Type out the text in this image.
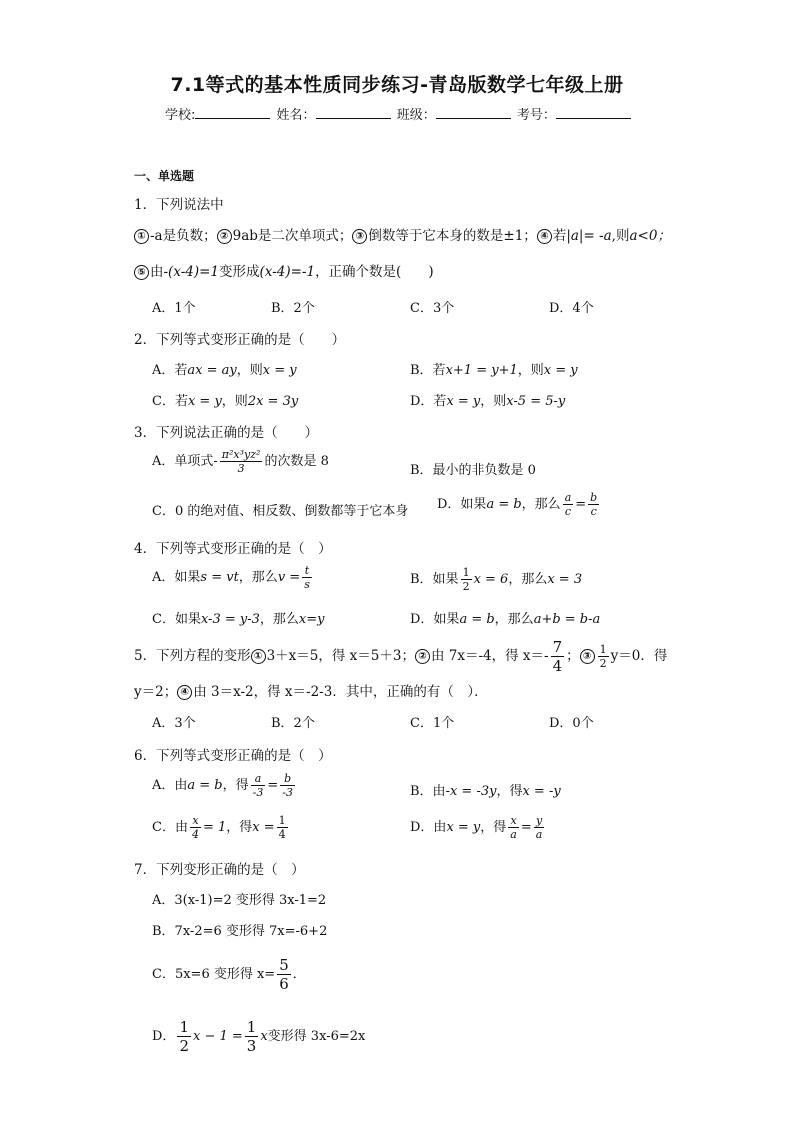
7.1等式的基本性质同步练习-青岛版数学七年级上册
学校:	姓名：	班级：	考号：
一、单选题
1．下列说法中
① -a是负数； ② 9ab是二次单项式； ③ 倒数等于它本身的数是±1； ④ 若|a|= -a,则a<0；
⑤ 由-(x-4)=1变形成(x-4)=-1，正确个数是(　　)
A．1个	B．2个	C．3个	D．4个
2．下列等式变形正确的是（　　）
A．若ax = ay，则x = y	B．若x+1 = y+1，则x = y
C．若x = y，则2x = 3y	D．若x = y，则x-5 = 5-y
3．下列说法正确的是（　　）
A．单项式- $\frac{\text{π²x³yz²}}{3}$ 的次数是 8
B．最小的非负数是 0
C．0 的绝对值、相反数、倒数都等于它本身 D．如果a = b，那么 $\frac{a}{c} = \frac{b}{c}$
4．下列等式变形正确的是（　）
A．如果s = vt，那么$v = \frac{t}{s}$	B．如果 $\frac{1}{2}$ x = 6，那么x = 3
C．如果x-3 = y-3，那么x=y	D．如果a = b，那么a+b = b-a
5．下列方程的变形 ① 3＋x＝5，得 x＝5＋3； ② 由 7x＝-4，得 $x=- \frac{7}{4}$ ； ③ $\frac{1}{2} y=0$．得
y＝2； ④ 由 3＝x-2，得 x＝-2-3．其中，正确的有（　）．
A．3个	B．2个	C．1个	D．0个
6．下列等式变形正确的是（　）
A．由a = b，得 $\frac{a}{-3} = \frac{b}{-3}$	B．由-x = -3y，得x = -y
C．由 $\frac{x}{4} = 1$，得$x = \frac{1}{4}$	D．由x = y，得 $\frac{x}{a} = \frac{y}{a}$
7．下列变形正确的是（　）
A．3(x-1)=2 变形得 3x-1=2
B．7x-2=6 变形得 7x=-6+2
C．5x=6 变形得 $x= \frac{5}{6}$ ．
D． $\frac{1}{2}$ $x - 1 = \frac{1}{3}$ x变形得 3x-6=2x
